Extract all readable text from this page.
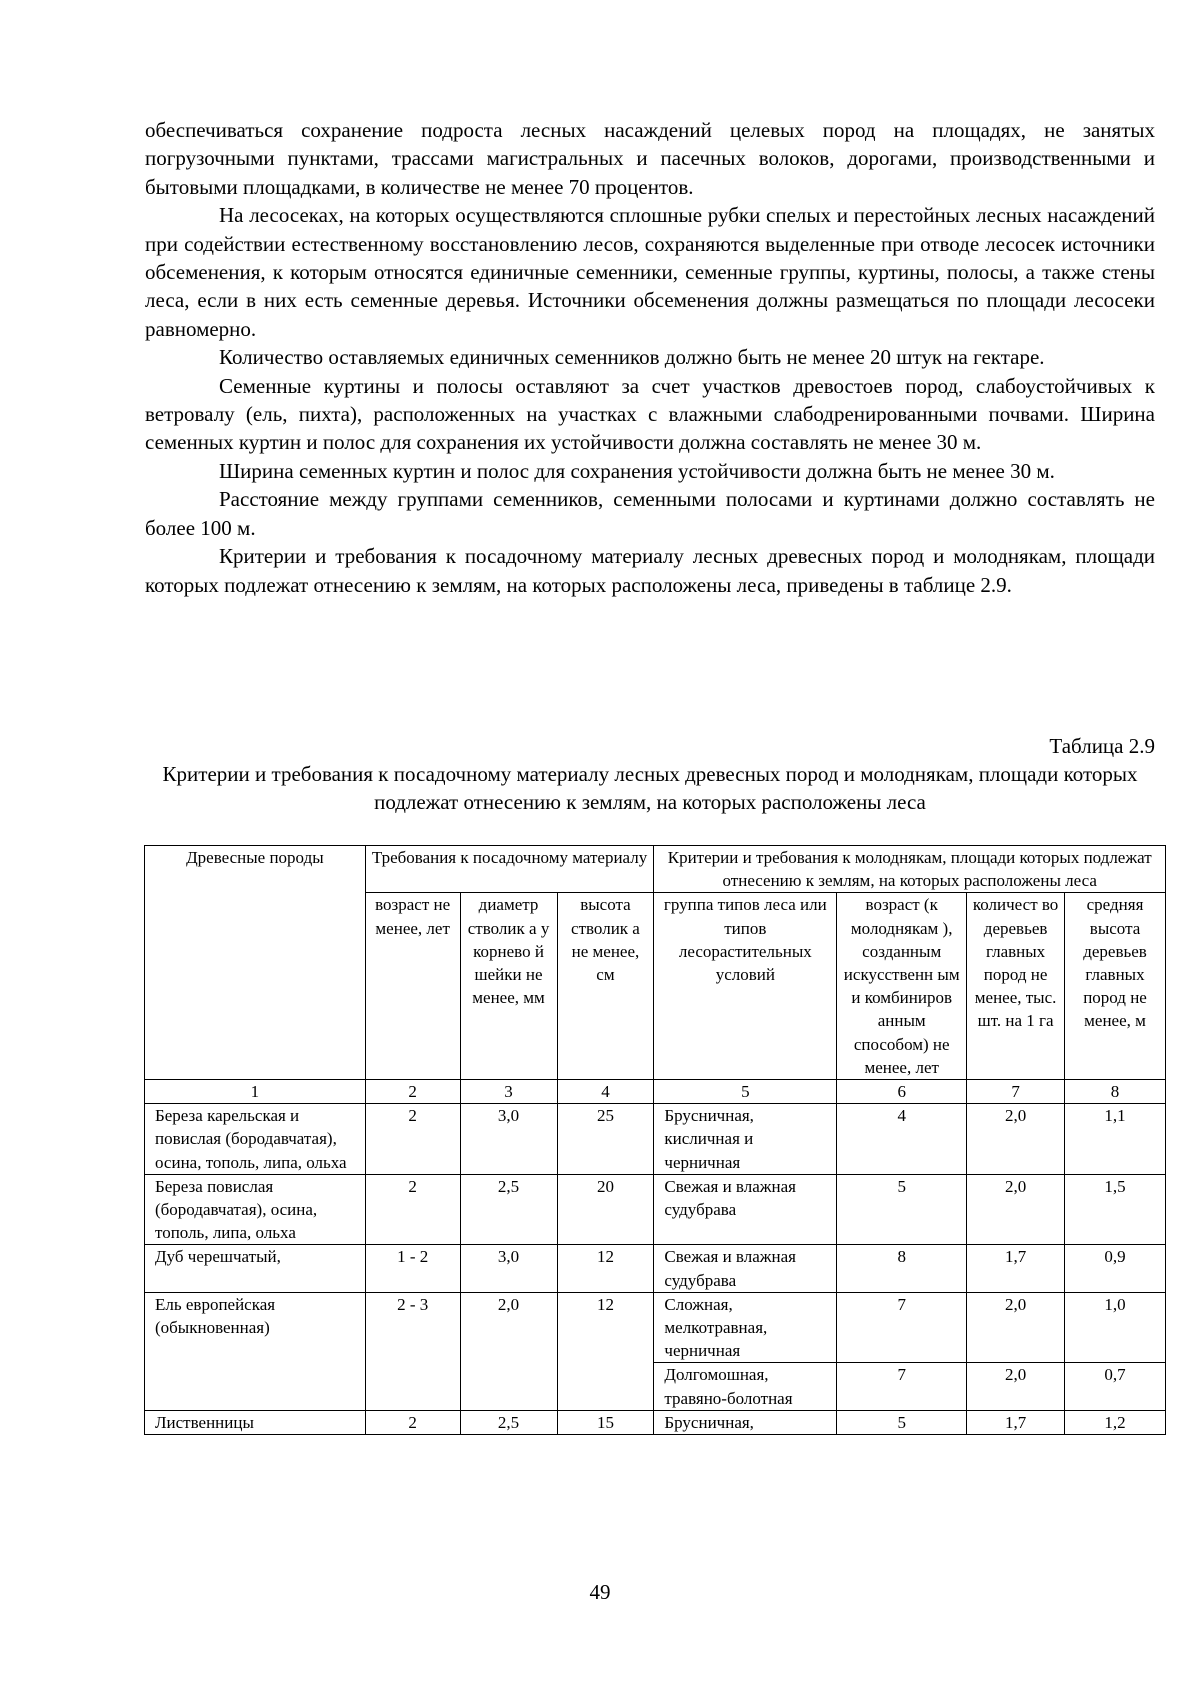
обеспечиваться сохранение подроста лесных насаждений целевых пород на площадях, не занятых погрузочными пунктами, трассами магистральных и пасечных волоков, дорогами, производственными и бытовыми площадками, в количестве не менее 70 процентов.

На лесосеках, на которых осуществляются сплошные рубки спелых и перестойных лесных насаждений при содействии естественному восстановлению лесов, сохраняются выделенные при отводе лесосек источники обсеменения, к которым относятся единичные семенники, семенные группы, куртины, полосы, а также стены леса, если в них есть семенные деревья. Источники обсеменения должны размещаться по площади лесосеки равномерно.

Количество оставляемых единичных семенников должно быть не менее 20 штук на гектаре.

Семенные куртины и полосы оставляют за счет участков древостоев пород, слабоустойчивых к ветровалу (ель, пихта), расположенных на участках с влажными слабодренированными почвами. Ширина семенных куртин и полос для сохранения их устойчивости должна составлять не менее 30 м.

Ширина семенных куртин и полос для сохранения устойчивости должна быть не менее 30 м.

Расстояние между группами семенников, семенными полосами и куртинами должно составлять не более 100 м.

Критерии и требования к посадочному материалу лесных древесных пород и молоднякам, площади которых подлежат отнесению к землям, на которых расположены леса, приведены в таблице 2.9.

Таблица 2.9
Критерии и требования к посадочному материалу лесных древесных пород и молоднякам, площади которых подлежат отнесению к землям, на которых расположены леса
Древесные породы	Требования к посадочному материалу			Критерии и требования к молоднякам, площади которых подлежат отнесению к землям, на которых расположены леса			
	возраст не менее, лет	диаметр стволик а у корнево й шейки не менее, мм	высота стволик а не менее, см	группа типов леса или типов лесорастительных условий	возраст (к молоднякам ), созданным искусственн ым и комбиниров анным способом) не менее, лет	количест во деревьев главных пород не менее, тыс. шт. на 1 га	средняя высота деревьев главных пород не менее, м
1	2	3	4	5	6	7	8
Береза карельская и повислая (бородавчатая), осина, тополь, липа, ольха	2	3,0	25	Брусничная, кисличная и черничная	4	2,0	1,1
Береза повислая (бородавчатая), осина, тополь, липа, ольха	2	2,5	20	Свежая и влажная судубрава	5	2,0	1,5
Дуб черешчатый,	1 - 2	3,0	12	Свежая и влажная судубрава	8	1,7	0,9
Ель европейская (обыкновенная)	2 - 3	2,0	12	Сложная, мелкотравная, черничная	7	2,0	1,0
				Долгомошная, травяно-болотная	7	2,0	0,7
Лиственницы	2	2,5	15	Брусничная,	5	1,7	1,2
49
